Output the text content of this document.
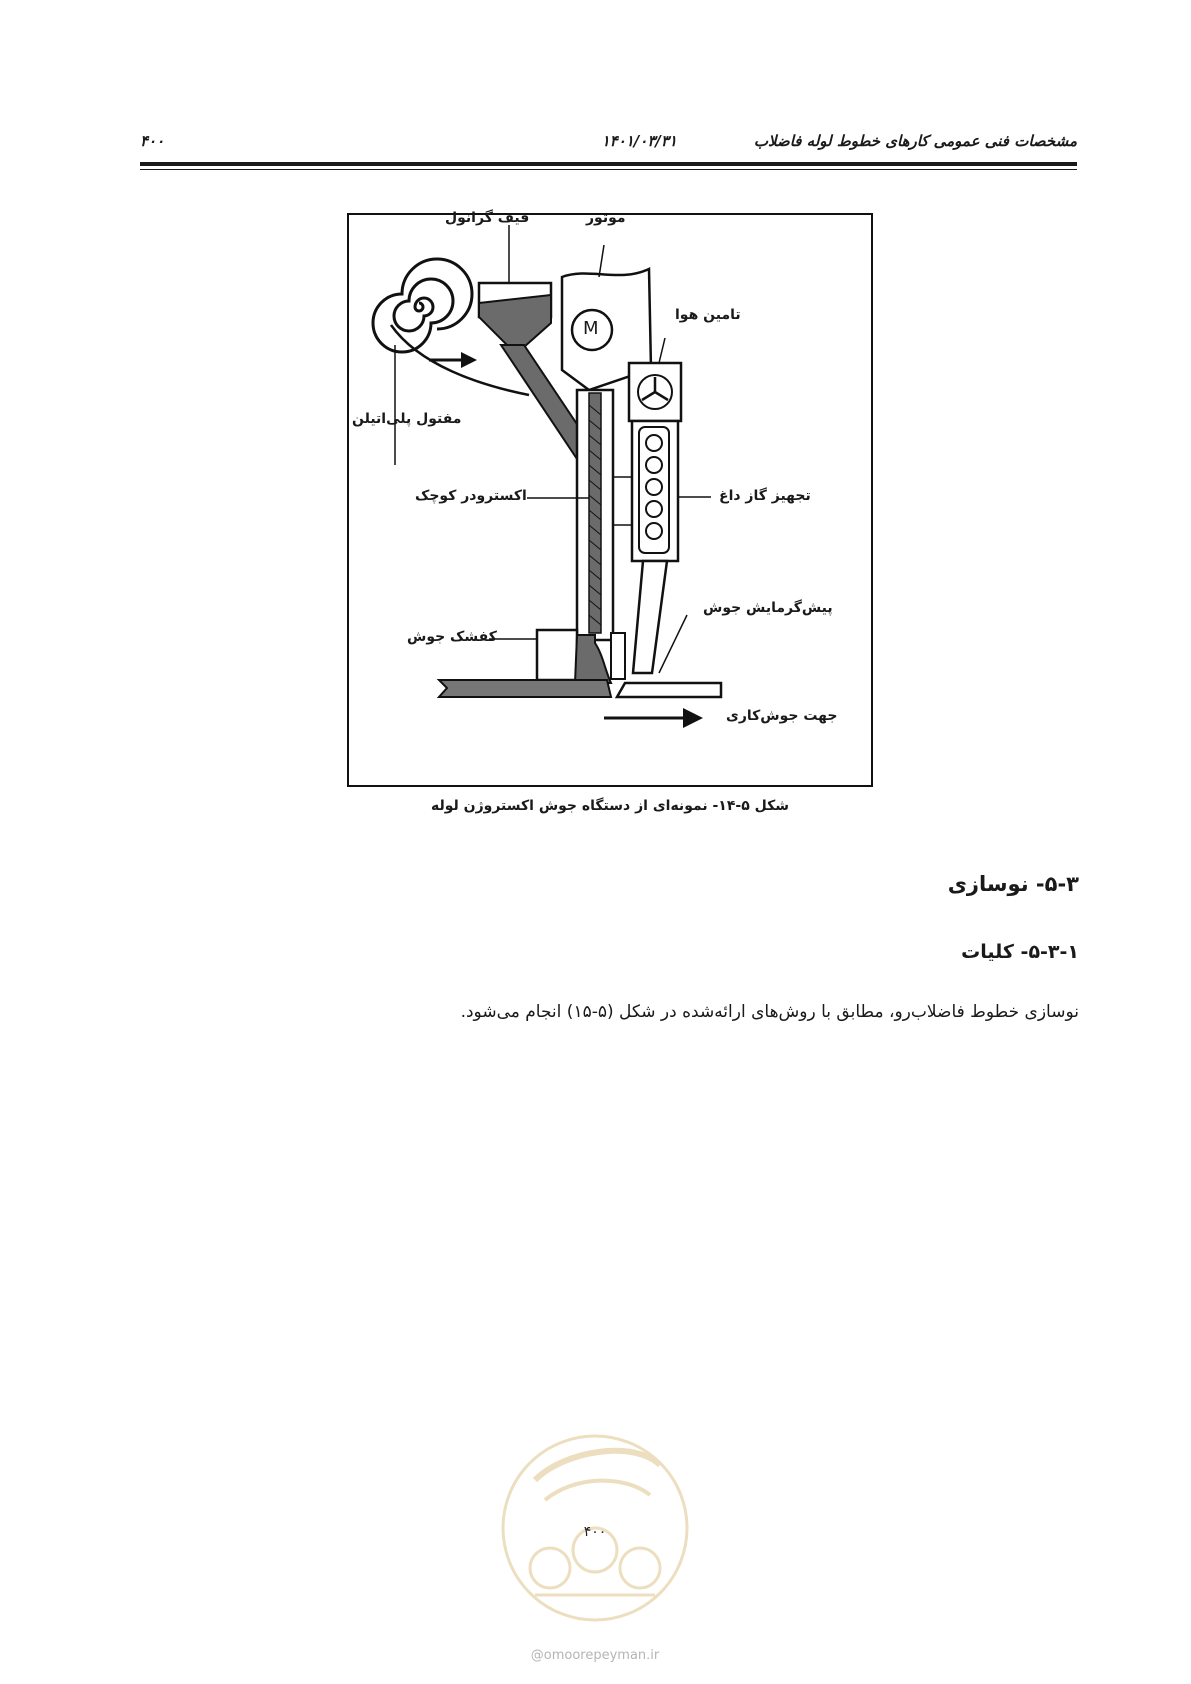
مشخصات فنی عمومی کارهای خطوط لوله فاضلاب
۱۴۰۱/۰۳/۳۱
۴۰۰
قیف گرانول	موتور
M
تامین هوا
مفتول پلی‌اتیلن
اکسترودر کوچک	تجهیز گاز داغ
پیش‌گرمایش جوش
کفشک جوش
جهت جوش‌کاری
شکل ۵-۱۴- نمونه‌ای از دستگاه جوش اکستروژن لوله
۵-۳- نوسازی
۵-۳-۱- کلیات
نوسازی خطوط فاضلاب‌رو، مطابق با روش‌های ارائه‌شده در شکل (۵-۱۵) انجام می‌شود.
۴۰۰
@omoorepeyman.ir
